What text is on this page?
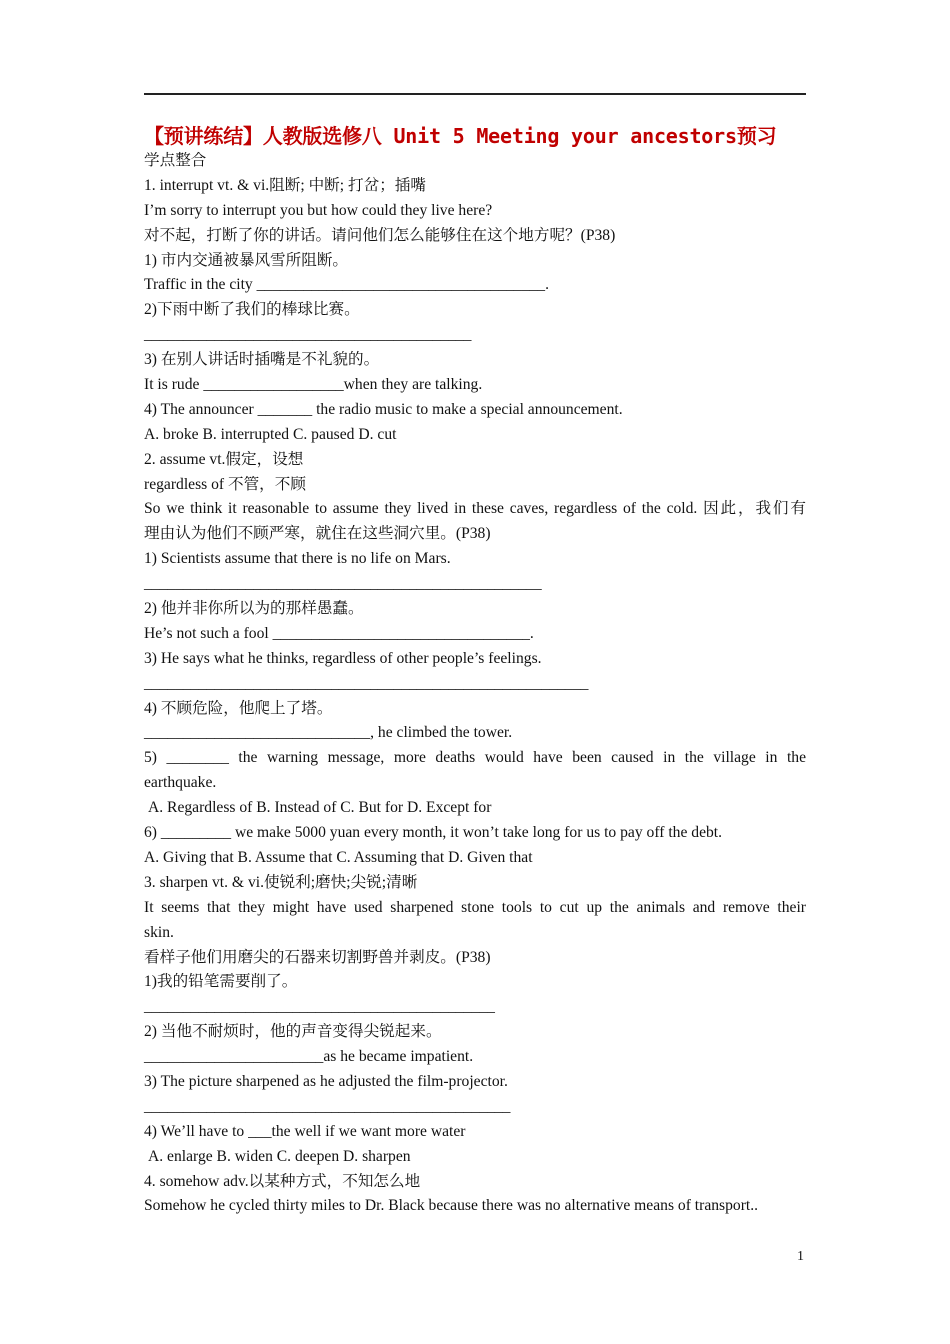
【预讲练结】人教版选修八 Unit 5 Meeting your ancestors预习
学点整合
1. interrupt vt. & vi.阻断; 中断; 打岔；插嘴
I’m sorry to interrupt you but how could they live here?
对不起，打断了你的讲话。请问他们怎么能够住在这个地方呢？(P38)
1) 市内交通被暴风雪所阻断。
Traffic in the city _____________________________________.
2)下雨中断了我们的棒球比赛。
__________________________________________
3) 在别人讲话时插嘴是不礼貌的。
It is rude __________________when they are talking.
4) The announcer _______ the radio music to make a special announcement.
A. broke B. interrupted C. paused D. cut
2. assume vt.假定，设想
regardless of 不管，不顾
So we think it reasonable to assume they lived in these caves, regardless of the cold. 因此，我们有
理由认为他们不顾严寒，就住在这些洞穴里。(P38)
1) Scientists assume that there is no life on Mars.
___________________________________________________
2) 他并非你所以为的那样愚蠢。
He’s not such a fool _________________________________.
3) He says what he thinks, regardless of other people’s feelings.
_________________________________________________________
4) 不顾危险，他爬上了塔。
_____________________________, he climbed the tower.
5) ________ the warning message, more deaths would have been caused in the village in the
earthquake.
A. Regardless of B. Instead of C. But for D. Except for
6) _________ we make 5000 yuan every month, it won’t take long for us to pay off the debt.
A. Giving that B. Assume that C. Assuming that D. Given that
3. sharpen vt. & vi.使锐利;磨快;尖锐;清晰
It seems that they might have used sharpened stone tools to cut up the animals and remove their
skin.
看样子他们用磨尖的石器来切割野兽并剥皮。(P38)
1)我的铅笔需要削了。
_____________________________________________
2) 当他不耐烦时，他的声音变得尖锐起来。
_______________________as he became impatient.
3) The picture sharpened as he adjusted the film-projector.
_______________________________________________
4) We’ll have to ___the well if we want more water
A. enlarge B. widen C. deepen D. sharpen
4. somehow adv.以某种方式，不知怎么地
Somehow he cycled thirty miles to Dr. Black because there was no alternative means of transport..
1
